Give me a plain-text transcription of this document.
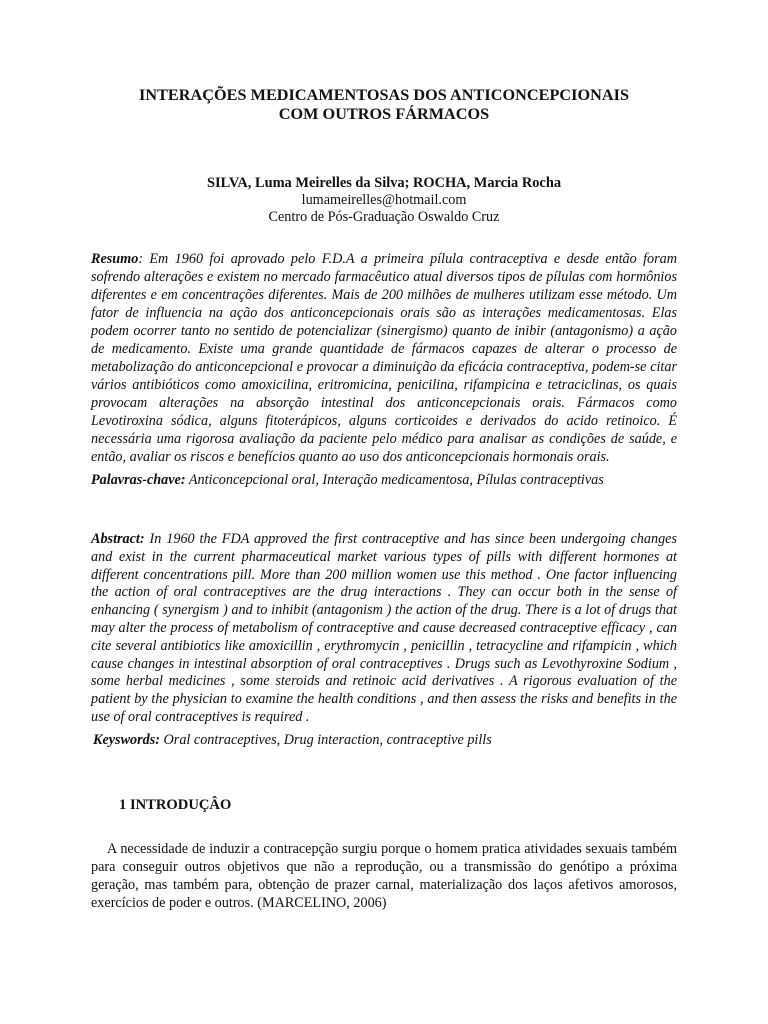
INTERAÇÕES MEDICAMENTOSAS DOS ANTICONCEPCIONAIS
COM OUTROS FÁRMACOS
SILVA, Luma Meirelles da Silva; ROCHA, Marcia Rocha
lumameirelles@hotmail.com
Centro de Pós-Graduação Oswaldo Cruz
Resumo: Em 1960 foi aprovado pelo F.D.A a primeira pílula contraceptiva e desde então foram sofrendo alterações e existem no mercado farmacêutico atual diversos tipos de pílulas com hormônios diferentes e em concentrações diferentes. Mais de 200 milhões de mulheres utilizam esse método. Um fator de influencia na ação dos anticoncepcionais orais são as interações medicamentosas. Elas podem ocorrer tanto no sentido de potencializar (sinergismo) quanto de inibir (antagonismo) a ação de medicamento. Existe uma grande quantidade de fármacos capazes de alterar o processo de metabolização do anticoncepcional e provocar a diminuição da eficácia contraceptiva, podem-se citar vários antibióticos como amoxicilina, eritromicina, penicilina, rifampicina e tetraciclinas, os quais provocam alterações na absorção intestinal dos anticoncepcionais orais. Fármacos como Levotiroxina sódica, alguns fitoterápicos, alguns corticoides e derivados do acido retinoico. É necessária uma rigorosa avaliação da paciente pelo médico para analisar as condições de saúde, e então, avaliar os riscos e benefícios quanto ao uso dos anticoncepcionais hormonais orais.
Palavras-chave: Anticoncepcional oral, Interação medicamentosa, Pílulas contraceptivas
Abstract: In 1960 the FDA approved the first contraceptive and has since been undergoing changes and exist in the current pharmaceutical market various types of pills with different hormones at different concentrations pill. More than 200 million women use this method . One factor influencing the action of oral contraceptives are the drug interactions . They can occur both in the sense of enhancing ( synergism ) and to inhibit (antagonism ) the action of the drug. There is a lot of drugs that may alter the process of metabolism of contraceptive and cause decreased contraceptive efficacy , can cite several antibiotics like amoxicillin , erythromycin , penicillin , tetracycline and rifampicin , which cause changes in intestinal absorption of oral contraceptives . Drugs such as Levothyroxine Sodium , some herbal medicines , some steroids and retinoic acid derivatives . A rigorous evaluation of the patient by the physician to examine the health conditions , and then assess the risks and benefits in the use of oral contraceptives is required .
Keyswords: Oral contraceptives, Drug interaction, contraceptive pills
1 INTRODUÇÂO

A necessidade de induzir a contracepção surgiu porque o homem pratica atividades sexuais também para conseguir outros objetivos que não a reprodução, ou a transmissão do genótipo a próxima geração, mas também para, obtenção de prazer carnal, materialização dos laços afetivos amorosos, exercícios de poder e outros. (MARCELINO, 2006)
